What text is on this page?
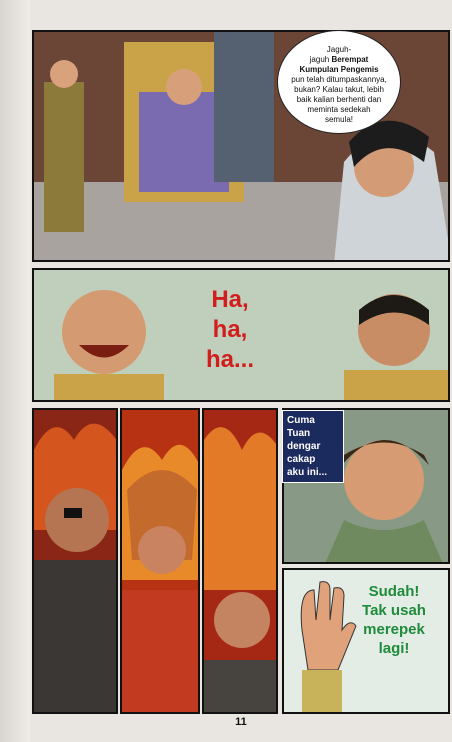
Jaguh-
jaguh Berempat
Kumpulan Pengemis
pun telah ditumpaskannya,
bukan? Kalau takut, lebih
baik kalian berhenti dan
meminta sedekah
semula!
Ha,
ha,
ha...
Cuma
Tuan
dengar
cakap
aku ini...
Sudah!
Tak usah
merepek
lagi!
11
